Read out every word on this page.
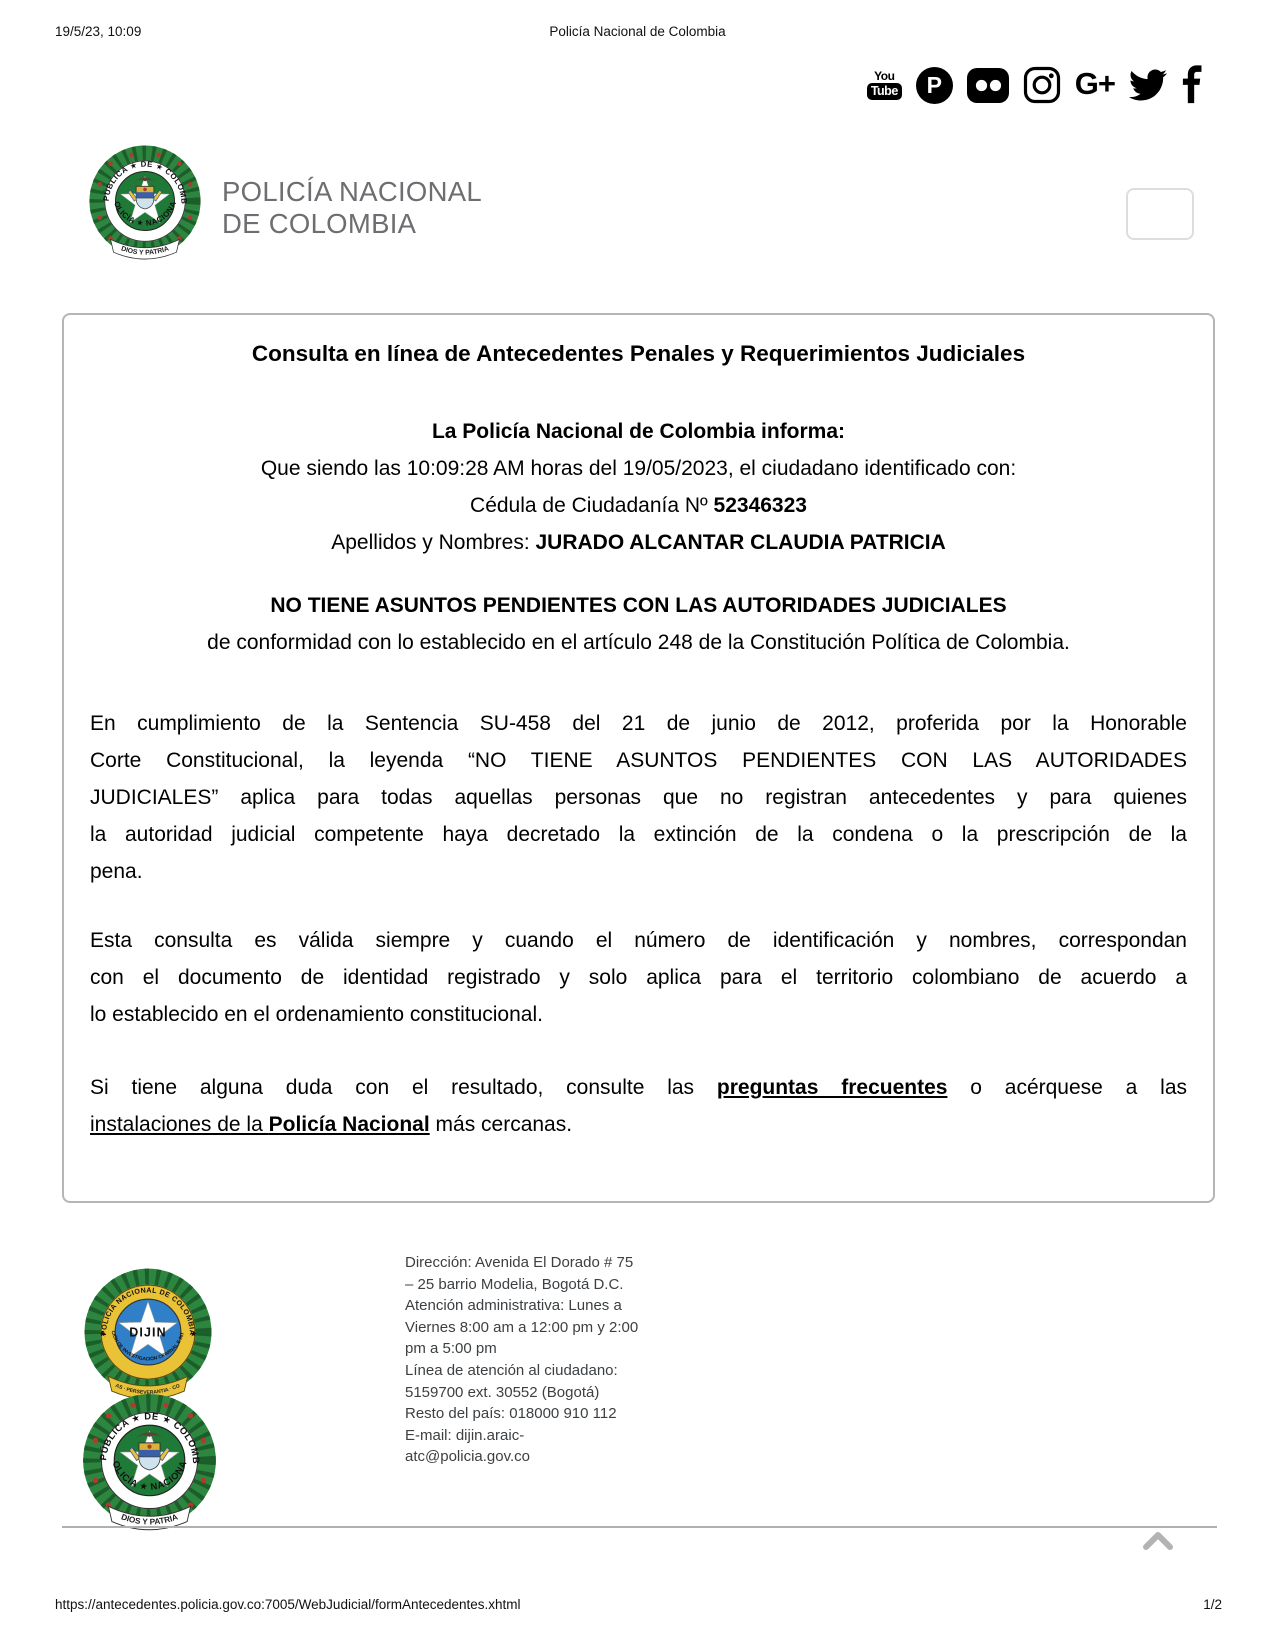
19/5/23, 10:09	Policía Nacional de Colombia
You
Tube P	G+
POLICÍA NACIONAL
DE COLOMBIA
Consulta en línea de Antecedentes Penales y Requerimientos Judiciales
La Policía Nacional de Colombia informa:
Que siendo las 10:09:28 AM horas del 19/05/2023, el ciudadano identificado con:
Cédula de Ciudadanía Nº 52346323
Apellidos y Nombres: JURADO ALCANTAR CLAUDIA PATRICIA
NO TIENE ASUNTOS PENDIENTES CON LAS AUTORIDADES JUDICIALES
de conformidad con lo establecido en el artículo 248 de la Constitución Política de Colombia.
En cumplimiento de la Sentencia SU-458 del 21 de junio de 2012, proferida por la Honorable
Corte Constitucional, la leyenda “NO TIENE ASUNTOS PENDIENTES CON LAS AUTORIDADES
JUDICIALES” aplica para todas aquellas personas que no registran antecedentes y para quienes
la autoridad judicial competente haya decretado la extinción de la condena o la prescripción de la
pena.
Esta consulta es válida siempre y cuando el número de identificación y nombres, correspondan
con el documento de identidad registrado y solo aplica para el territorio colombiano de acuerdo a
lo establecido en el ordenamiento constitucional.
Si tiene alguna duda con el resultado, consulte las preguntas frecuentes o acérquese a las
instalaciones de la Policía Nacional más cercanas.
Dirección: Avenida El Dorado # 75
– 25 barrio Modelia, Bogotá D.C.
Atención administrativa: Lunes a
Viernes 8:00 am a 12:00 pm y 2:00
pm a 5:00 pm
Línea de atención al ciudadano:
5159700 ext. 30552 (Bogotá)
Resto del país: 018000 910 112
E-mail: dijin.araic-
atc@policia.gov.co
https://antecedentes.policia.gov.co:7005/WebJudicial/formAntecedentes.xhtml	1/2
